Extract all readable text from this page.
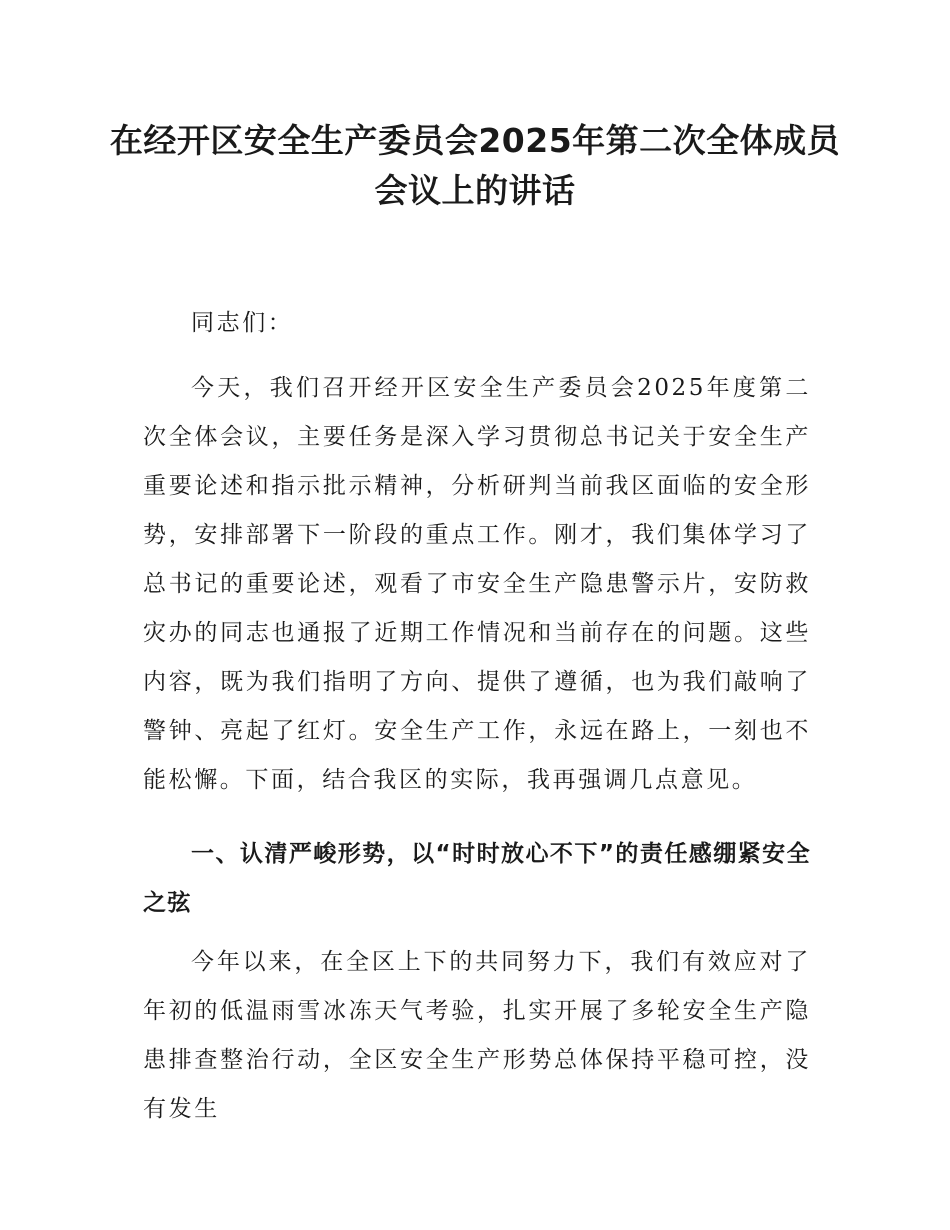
在经开区安全生产委员会2025年第二次全体成员会议上的讲话

同志们：

今天，我们召开经开区安全生产委员会2025年度第二次全体会议，主要任务是深入学习贯彻总书记关于安全生产重要论述和指示批示精神，分析研判当前我区面临的安全形势，安排部署下一阶段的重点工作。刚才，我们集体学习了总书记的重要论述，观看了市安全生产隐患警示片，安防救灾办的同志也通报了近期工作情况和当前存在的问题。这些内容，既为我们指明了方向、提供了遵循，也为我们敲响了警钟、亮起了红灯。安全生产工作，永远在路上，一刻也不能松懈。下面，结合我区的实际，我再强调几点意见。

一、认清严峻形势，以“时时放心不下”的责任感绷紧安全之弦

今年以来，在全区上下的共同努力下，我们有效应对了年初的低温雨雪冰冻天气考验，扎实开展了多轮安全生产隐患排查整治行动，全区安全生产形势总体保持平稳可控，没有发生
